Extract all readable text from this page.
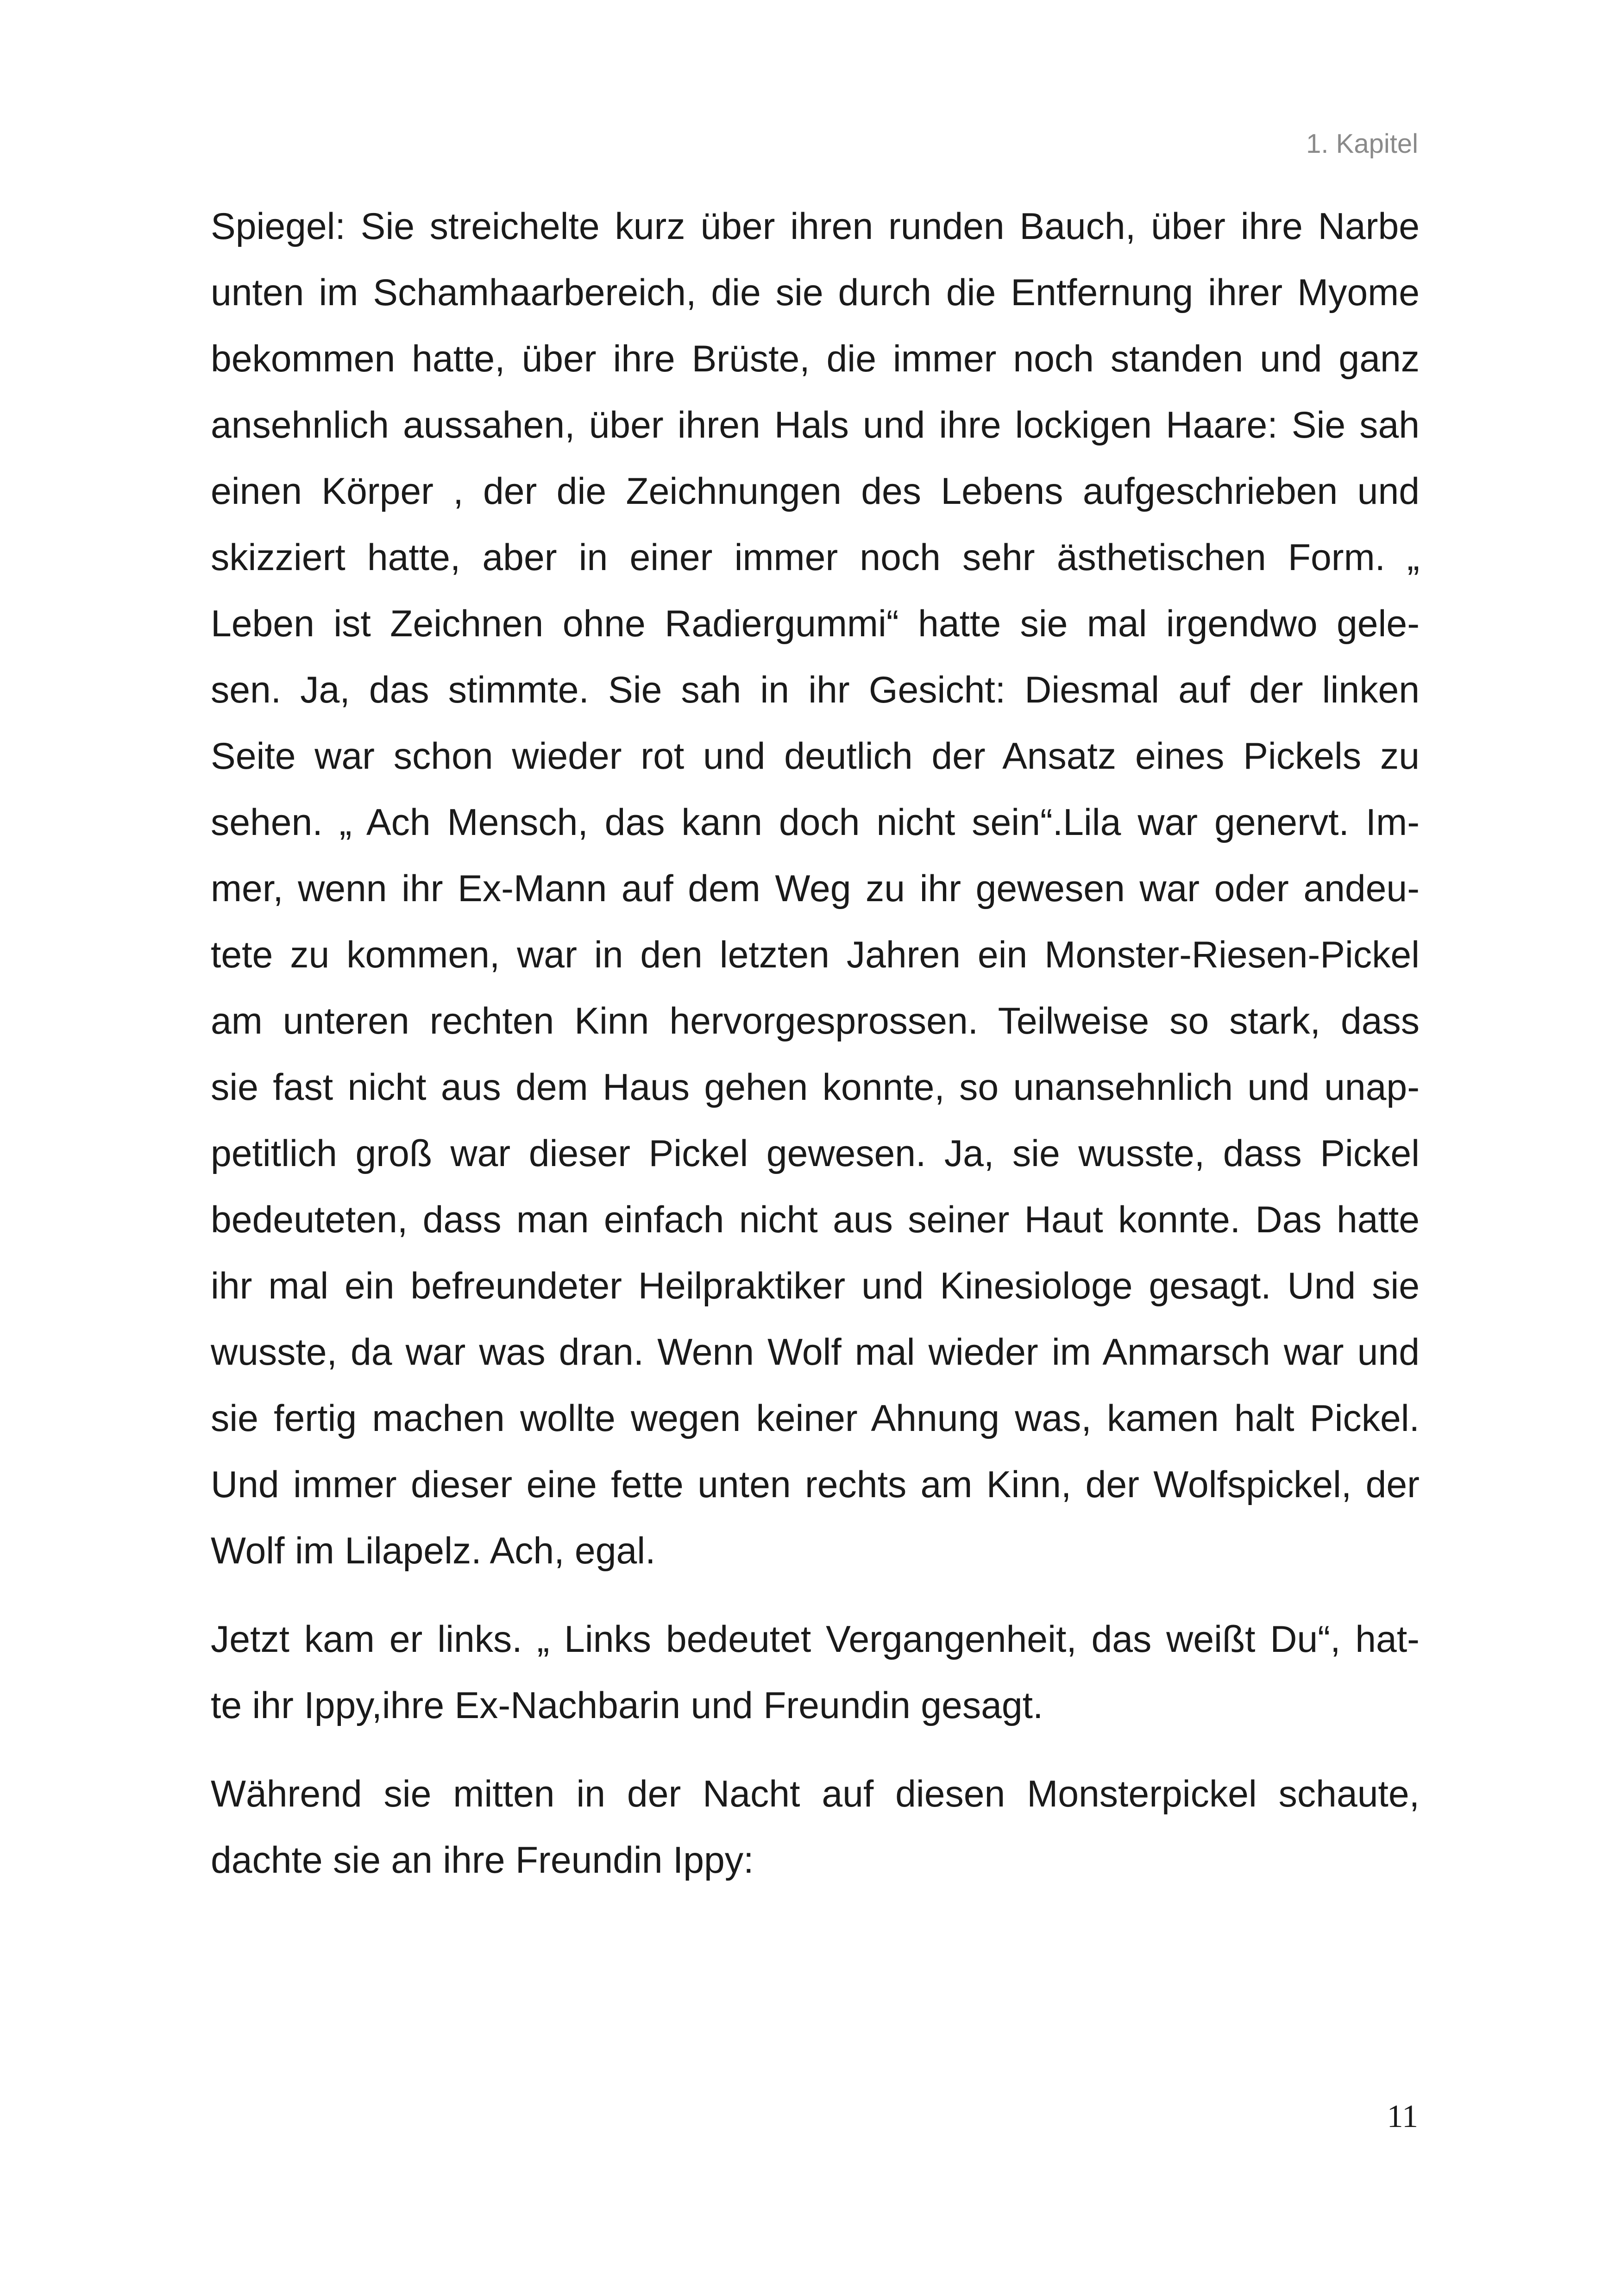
1. Kapitel
Spiegel: Sie streichelte kurz über ihren runden Bauch, über ihre Narbe
unten im Schamhaarbereich, die sie durch die Entfernung ihrer Myome
bekommen hatte, über ihre Brüste, die immer noch standen und ganz
ansehnlich aussahen, über ihren Hals und ihre lockigen Haare: Sie sah
einen Körper , der die Zeichnungen des Lebens aufgeschrieben und
skizziert hatte, aber in einer immer noch sehr ästhetischen Form. „
Leben ist Zeichnen ohne Radiergummi“ hatte sie mal irgendwo gele-
sen. Ja, das stimmte. Sie sah in ihr Gesicht: Diesmal auf der linken
Seite war schon wieder rot und deutlich der Ansatz eines Pickels zu
sehen. „ Ach Mensch, das kann doch nicht sein“.Lila war genervt. Im-
mer, wenn ihr Ex-Mann auf dem Weg zu ihr gewesen war oder andeu-
tete zu kommen, war in den letzten Jahren ein Monster-Riesen-Pickel
am unteren rechten Kinn hervorgesprossen. Teilweise so stark, dass
sie fast nicht aus dem Haus gehen konnte, so unansehnlich und unap-
petitlich groß war dieser Pickel gewesen. Ja, sie wusste, dass Pickel
bedeuteten, dass man einfach nicht aus seiner Haut konnte. Das hatte
ihr mal ein befreundeter Heilpraktiker und Kinesiologe gesagt. Und sie
wusste, da war was dran. Wenn Wolf mal wieder im Anmarsch war und
sie fertig machen wollte wegen keiner Ahnung was, kamen halt Pickel.
Und immer dieser eine fette unten rechts am Kinn, der Wolfspickel, der
Wolf im Lilapelz. Ach, egal.
Jetzt kam er links. „ Links bedeutet Vergangenheit, das weißt Du“, hat-
te ihr Ippy,ihre Ex-Nachbarin und Freundin gesagt.
Während sie mitten in der Nacht auf diesen Monsterpickel schaute,
dachte sie an ihre Freundin Ippy:
11
